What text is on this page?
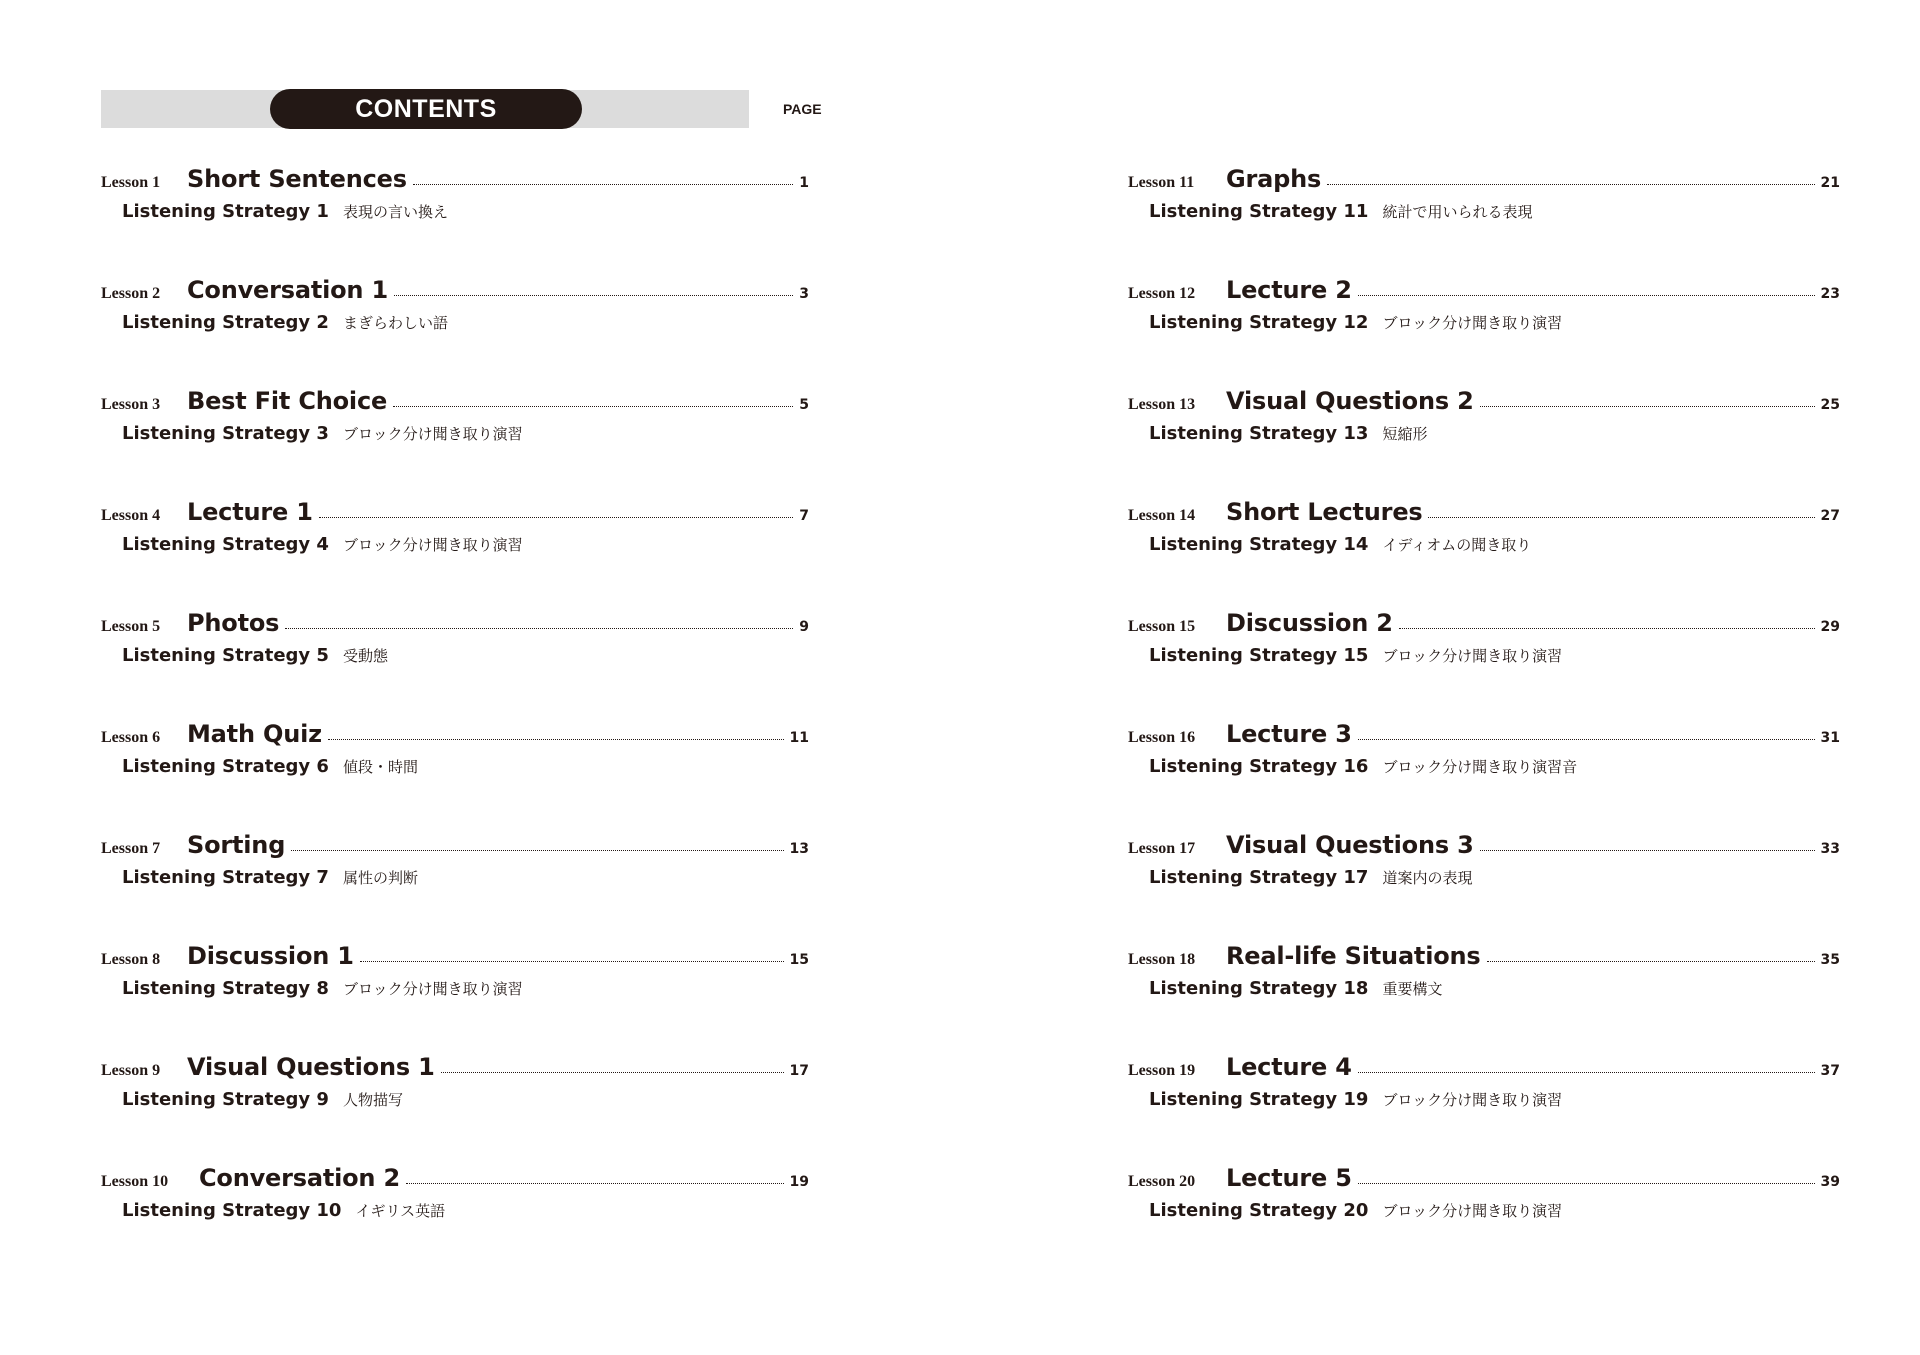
CONTENTS	PAGE
Lesson 1	Short Sentences	1
Listening Strategy 1 表現の言い換え
Lesson 2	Conversation 1	3
Listening Strategy 2 まぎらわしい語
Lesson 3	Best Fit Choice	5
Listening Strategy 3 ブロック分け聞き取り演習
Lesson 4	Lecture 1	7
Listening Strategy 4 ブロック分け聞き取り演習
Lesson 5	Photos	9
Listening Strategy 5 受動態
Lesson 6	Math Quiz	11
Listening Strategy 6 値段・時間
Lesson 7	Sorting	13
Listening Strategy 7 属性の判断
Lesson 8	Discussion 1	15
Listening Strategy 8 ブロック分け聞き取り演習
Lesson 9	Visual Questions 1	17
Listening Strategy 9 人物描写
Lesson 10	Conversation 2	19
Listening Strategy 10 イギリス英語
Lesson 11	Graphs	21
Listening Strategy 11 統計で用いられる表現
Lesson 12	Lecture 2	23
Listening Strategy 12 ブロック分け聞き取り演習
Lesson 13	Visual Questions 2	25
Listening Strategy 13 短縮形
Lesson 14	Short Lectures	27
Listening Strategy 14 イディオムの聞き取り
Lesson 15	Discussion 2	29
Listening Strategy 15 ブロック分け聞き取り演習
Lesson 16	Lecture 3	31
Listening Strategy 16 ブロック分け聞き取り演習音
Lesson 17	Visual Questions 3	33
Listening Strategy 17 道案内の表現
Lesson 18	Real-life Situations	35
Listening Strategy 18 重要構文
Lesson 19	Lecture 4	37
Listening Strategy 19 ブロック分け聞き取り演習
Lesson 20	Lecture 5	39
Listening Strategy 20 ブロック分け聞き取り演習
